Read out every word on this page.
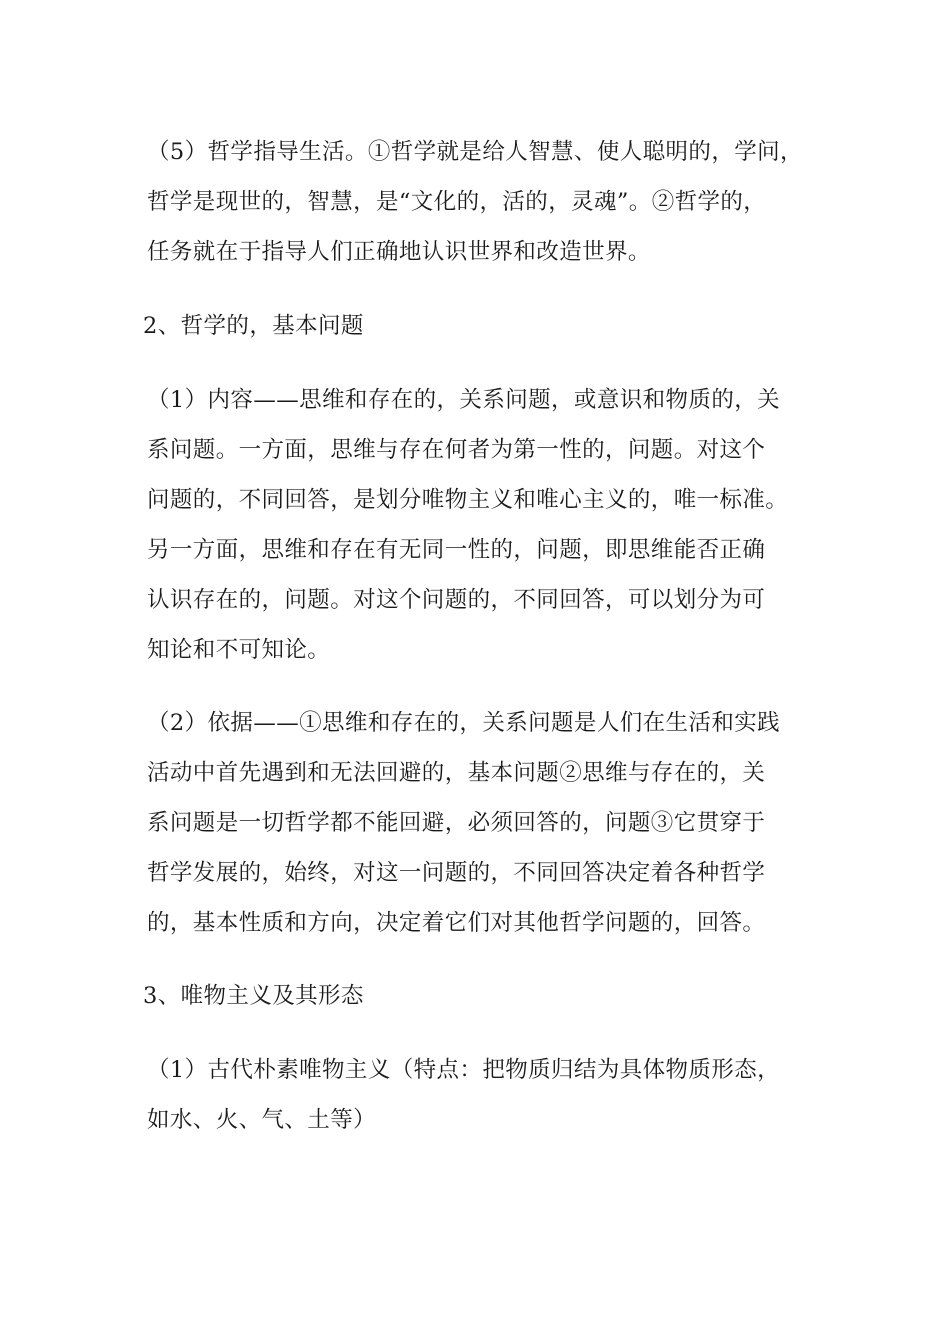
（5）哲学指导生活。①哲学就是给人智慧、使人聪明的，学问，
哲学是现世的，智慧，是“文化的，活的，灵魂”。②哲学的，
任务就在于指导人们正确地认识世界和改造世界。
2、哲学的，基本问题
（1）内容——思维和存在的，关系问题，或意识和物质的，关
系问题。一方面，思维与存在何者为第一性的，问题。对这个
问题的，不同回答，是划分唯物主义和唯心主义的，唯一标准。
另一方面，思维和存在有无同一性的，问题，即思维能否正确
认识存在的，问题。对这个问题的，不同回答，可以划分为可
知论和不可知论。
（2）依据——①思维和存在的，关系问题是人们在生活和实践
活动中首先遇到和无法回避的，基本问题②思维与存在的，关
系问题是一切哲学都不能回避，必须回答的，问题③它贯穿于
哲学发展的，始终，对这一问题的，不同回答决定着各种哲学
的，基本性质和方向，决定着它们对其他哲学问题的，回答。
3、唯物主义及其形态
（1）古代朴素唯物主义（特点：把物质归结为具体物质形态，
如水、火、气、土等）
